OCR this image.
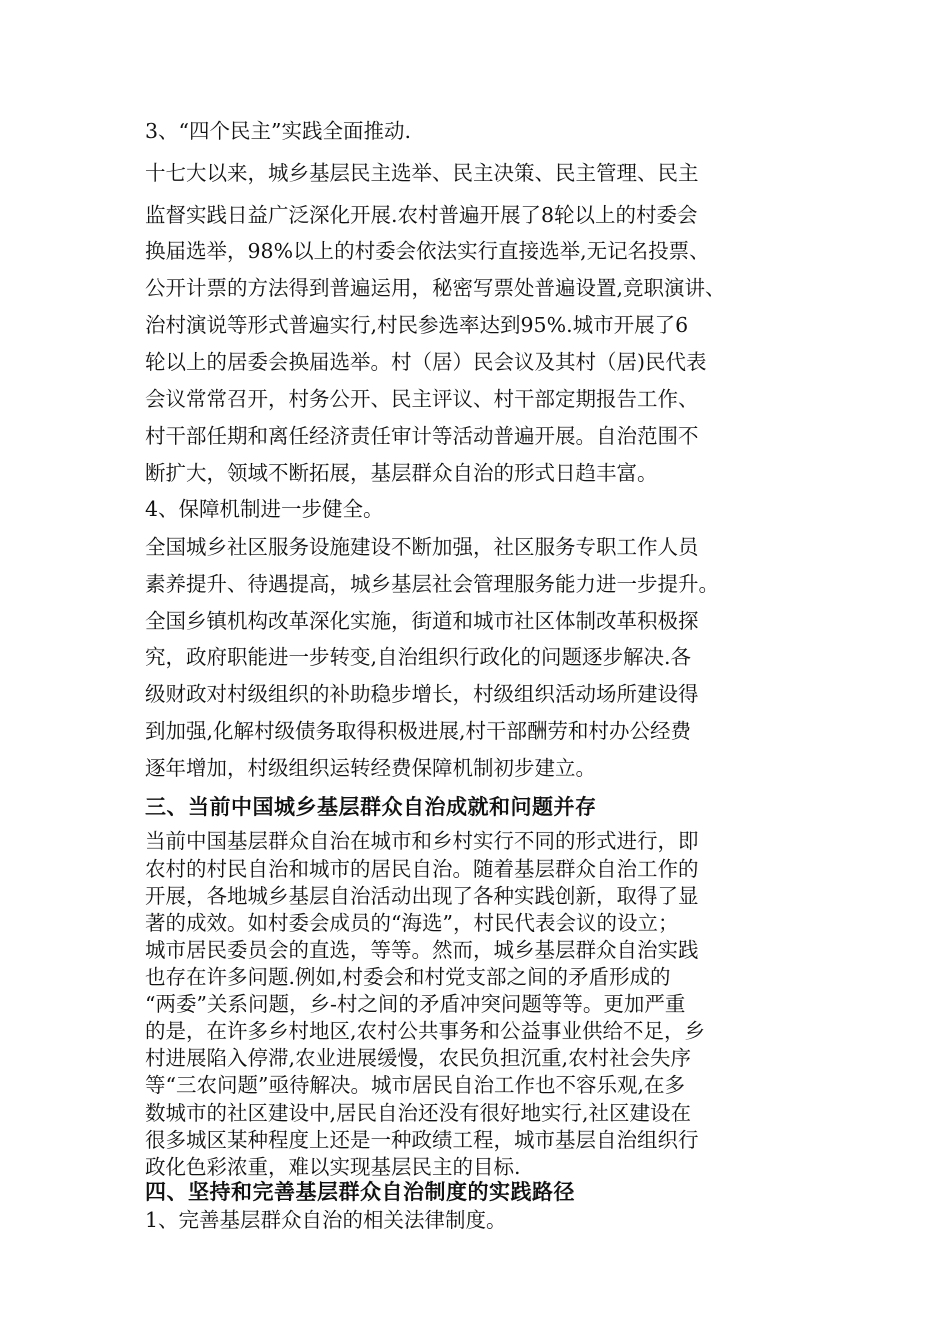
3、“四个民主”实践全面推动.

十七大以来，城乡基层民主选举、民主决策、民主管理、民主

监督实践日益广泛深化开展.农村普遍开展了8轮以上的村委会

换届选举，98%以上的村委会依法实行直接选举,无记名投票、

公开计票的方法得到普遍运用，秘密写票处普遍设置,竞职演讲、

治村演说等形式普遍实行,村民参选率达到95%.城市开展了6

轮以上的居委会换届选举。村（居）民会议及其村（居)民代表

会议常常召开，村务公开、民主评议、村干部定期报告工作、

村干部任期和离任经济责任审计等活动普遍开展。自治范围不

断扩大，领域不断拓展，基层群众自治的形式日趋丰富。

4、保障机制进一步健全。

全国城乡社区服务设施建设不断加强，社区服务专职工作人员

素养提升、待遇提高，城乡基层社会管理服务能力进一步提升。

全国乡镇机构改革深化实施，街道和城市社区体制改革积极探

究，政府职能进一步转变,自治组织行政化的问题逐步解决.各

级财政对村级组织的补助稳步增长，村级组织活动场所建设得

到加强,化解村级债务取得积极进展,村干部酬劳和村办公经费

逐年增加，村级组织运转经费保障机制初步建立。

三、当前中国城乡基层群众自治成就和问题并存

当前中国基层群众自治在城市和乡村实行不同的形式进行，即

农村的村民自治和城市的居民自治。随着基层群众自治工作的

开展，各地城乡基层自治活动出现了各种实践创新，取得了显

著的成效。如村委会成员的“海选”，村民代表会议的设立；

城市居民委员会的直选，等等。然而，城乡基层群众自治实践

也存在许多问题.例如,村委会和村党支部之间的矛盾形成的

“两委”关系问题，乡-村之间的矛盾冲突问题等等。更加严重

的是，在许多乡村地区,农村公共事务和公益事业供给不足，乡

村进展陷入停滞,农业进展缓慢，农民负担沉重,农村社会失序

等“三农问题”亟待解决。城市居民自治工作也不容乐观,在多

数城市的社区建设中,居民自治还没有很好地实行,社区建设在

很多城区某种程度上还是一种政绩工程，城市基层自治组织行

政化色彩浓重，难以实现基层民主的目标.

四、坚持和完善基层群众自治制度的实践路径

1、完善基层群众自治的相关法律制度。
